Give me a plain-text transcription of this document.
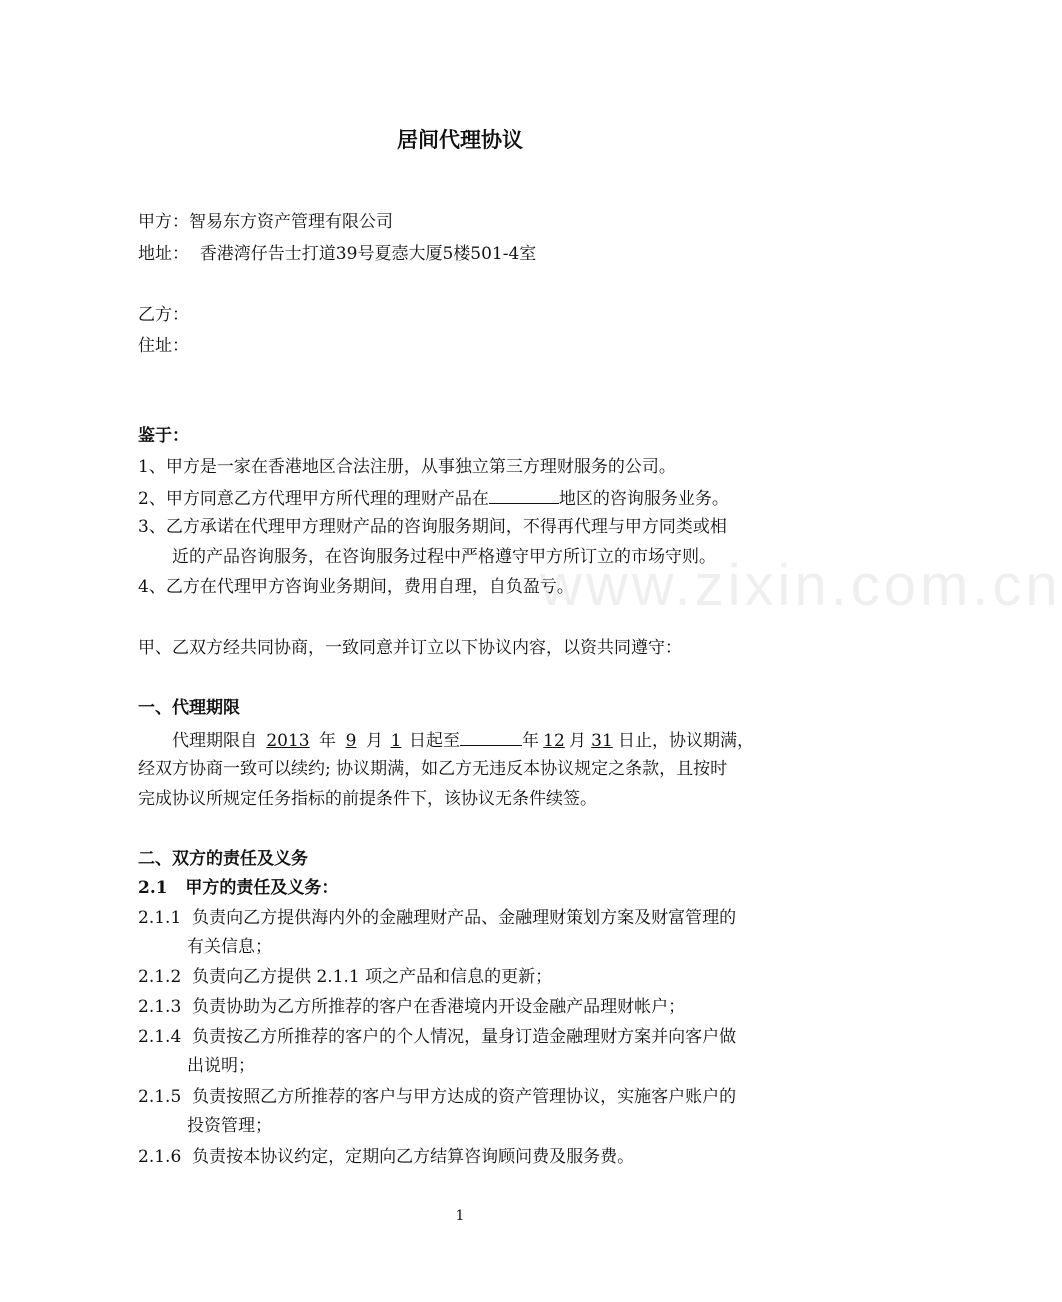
居间代理协议

甲方：智易东方资产管理有限公司

地址： 香港湾仔告士打道39号夏悫大厦5楼501-4室

乙方：

住址：

鉴于：

1、甲方是一家在香港地区合法注册，从事独立第三方理财服务的公司。

2、甲方同意乙方代理甲方所代理的理财产品在	地区的咨询服务业务。

3、乙方承诺在代理甲方理财产品的咨询服务期间，不得再代理与甲方同类或相

近的产品咨询服务，在咨询服务过程中严格遵守甲方所订立的市场守则。

4、乙方在代理甲方咨询业务期间，费用自理，自负盈亏。

甲、乙双方经共同协商，一致同意并订立以下协议内容，以资共同遵守：

一、代理期限

代理期限自 2013 年 9 月 1 日起至	年 12 月 31 日止，协议期满，

经双方协商一致可以续约; 协议期满，如乙方无违反本协议规定之条款，且按时

完成协议所规定任务指标的前提条件下，该协议无条件续签。

二、双方的责任及义务

2.1 甲方的责任及义务：

2.1.1 负责向乙方提供海内外的金融理财产品、金融理财策划方案及财富管理的

有关信息；

2.1.2 负责向乙方提供 2.1.1 项之产品和信息的更新；

2.1.3 负责协助为乙方所推荐的客户在香港境内开设金融产品理财帐户；

2.1.4 负责按乙方所推荐的客户的个人情况，量身订造金融理财方案并向客户做

出说明；

2.1.5 负责按照乙方所推荐的客户与甲方达成的资产管理协议，实施客户账户的

投资管理；

2.1.6 负责按本协议约定，定期向乙方结算咨询顾问费及服务费。

www.zixin.com.cn
1
